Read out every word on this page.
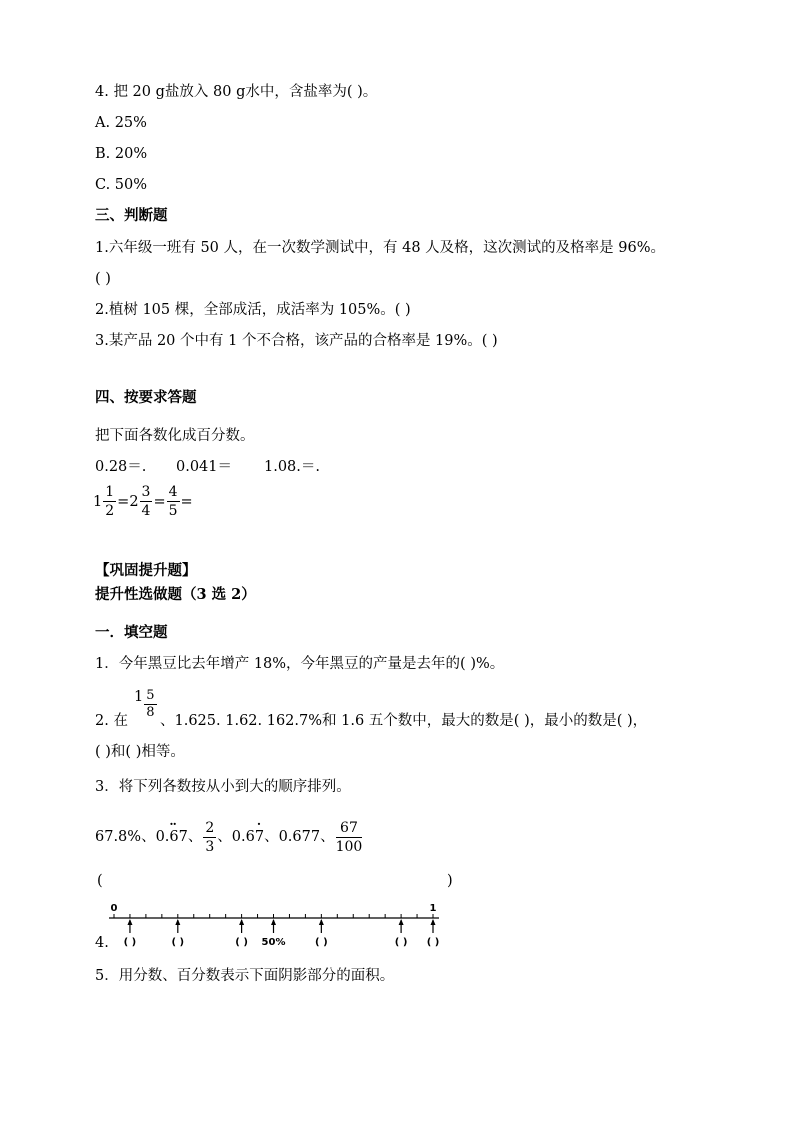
4. 把 20 g盐放入 80 g水中，含盐率为( )。
A. 25%
B. 20%
C. 50%
三、判断题
1.六年级一班有 50 人，在一次数学测试中，有 48 人及格，这次测试的及格率是 96%。
( )
2.植树 105 棵，全部成活，成活率为 105%。( )
3.某产品 20 个中有 1 个不合格，该产品的合格率是 19%。( )
四、按要求答题
把下面各数化成百分数。
0.28＝. 0.041＝ 1.08.＝.
$1 \frac{1}{2} = 2 \frac{3}{4} = \frac{4}{5}$ =
【巩固提升题】
提升性选做题（3 选 2）
一．填空题
1．今年黑豆比去年增产 18%，今年黑豆的产量是去年的( )%。
2. 在
$1 \frac{5}{8}$ 、1.625. 1.62. 162.7%和 1.6 五个数中，最大的数是( )，最小的数是( )，
( )和( )相等。
3．将下列各数按从小到大的顺序排列。
67.8%、0.
··
67 、 $\frac{2}{3}$ 、0.6
·
7 、0.677、 $\frac{67}{100}$
(	)
4.
0	1
( )	( )	( ) 50%	( )	( ) ( )
5．用分数、百分数表示下面阴影部分的面积。
